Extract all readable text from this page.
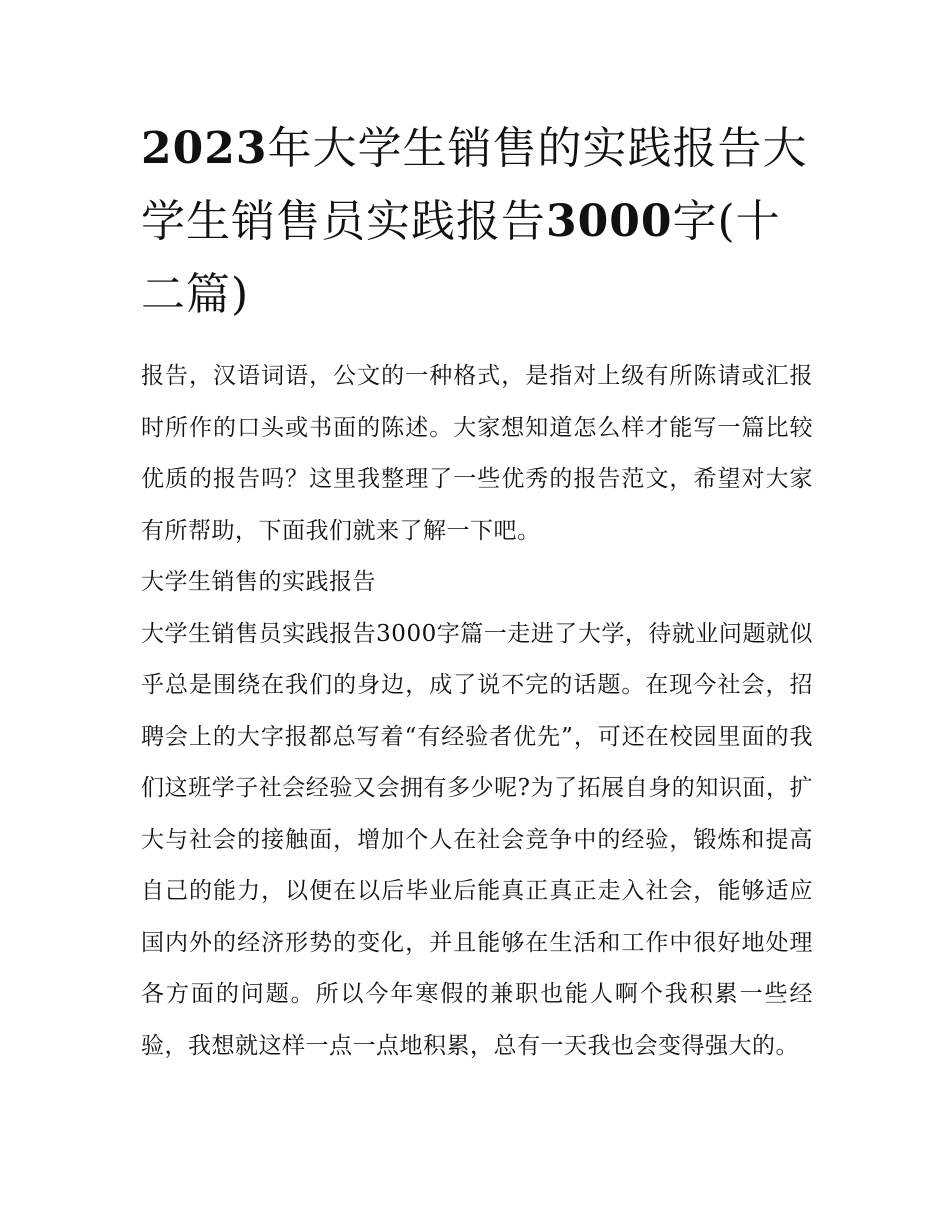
2023年大学生销售的实践报告大学生销售员实践报告3000字(十二篇)

报告，汉语词语，公文的一种格式，是指对上级有所陈请或汇报时所作的口头或书面的陈述。大家想知道怎么样才能写一篇比较优质的报告吗？这里我整理了一些优秀的报告范文，希望对大家有所帮助，下面我们就来了解一下吧。

大学生销售的实践报告

大学生销售员实践报告3000字篇一走进了大学，待就业问题就似乎总是围绕在我们的身边，成了说不完的话题。在现今社会，招聘会上的大字报都总写着“有经验者优先”，可还在校园里面的我们这班学子社会经验又会拥有多少呢?为了拓展自身的知识面，扩大与社会的接触面，增加个人在社会竞争中的经验，锻炼和提高自己的能力，以便在以后毕业后能真正真正走入社会，能够适应国内外的经济形势的变化，并且能够在生活和工作中很好地处理各方面的问题。所以今年寒假的兼职也能人啊个我积累一些经验，我想就这样一点一点地积累，总有一天我也会变得强大的。
